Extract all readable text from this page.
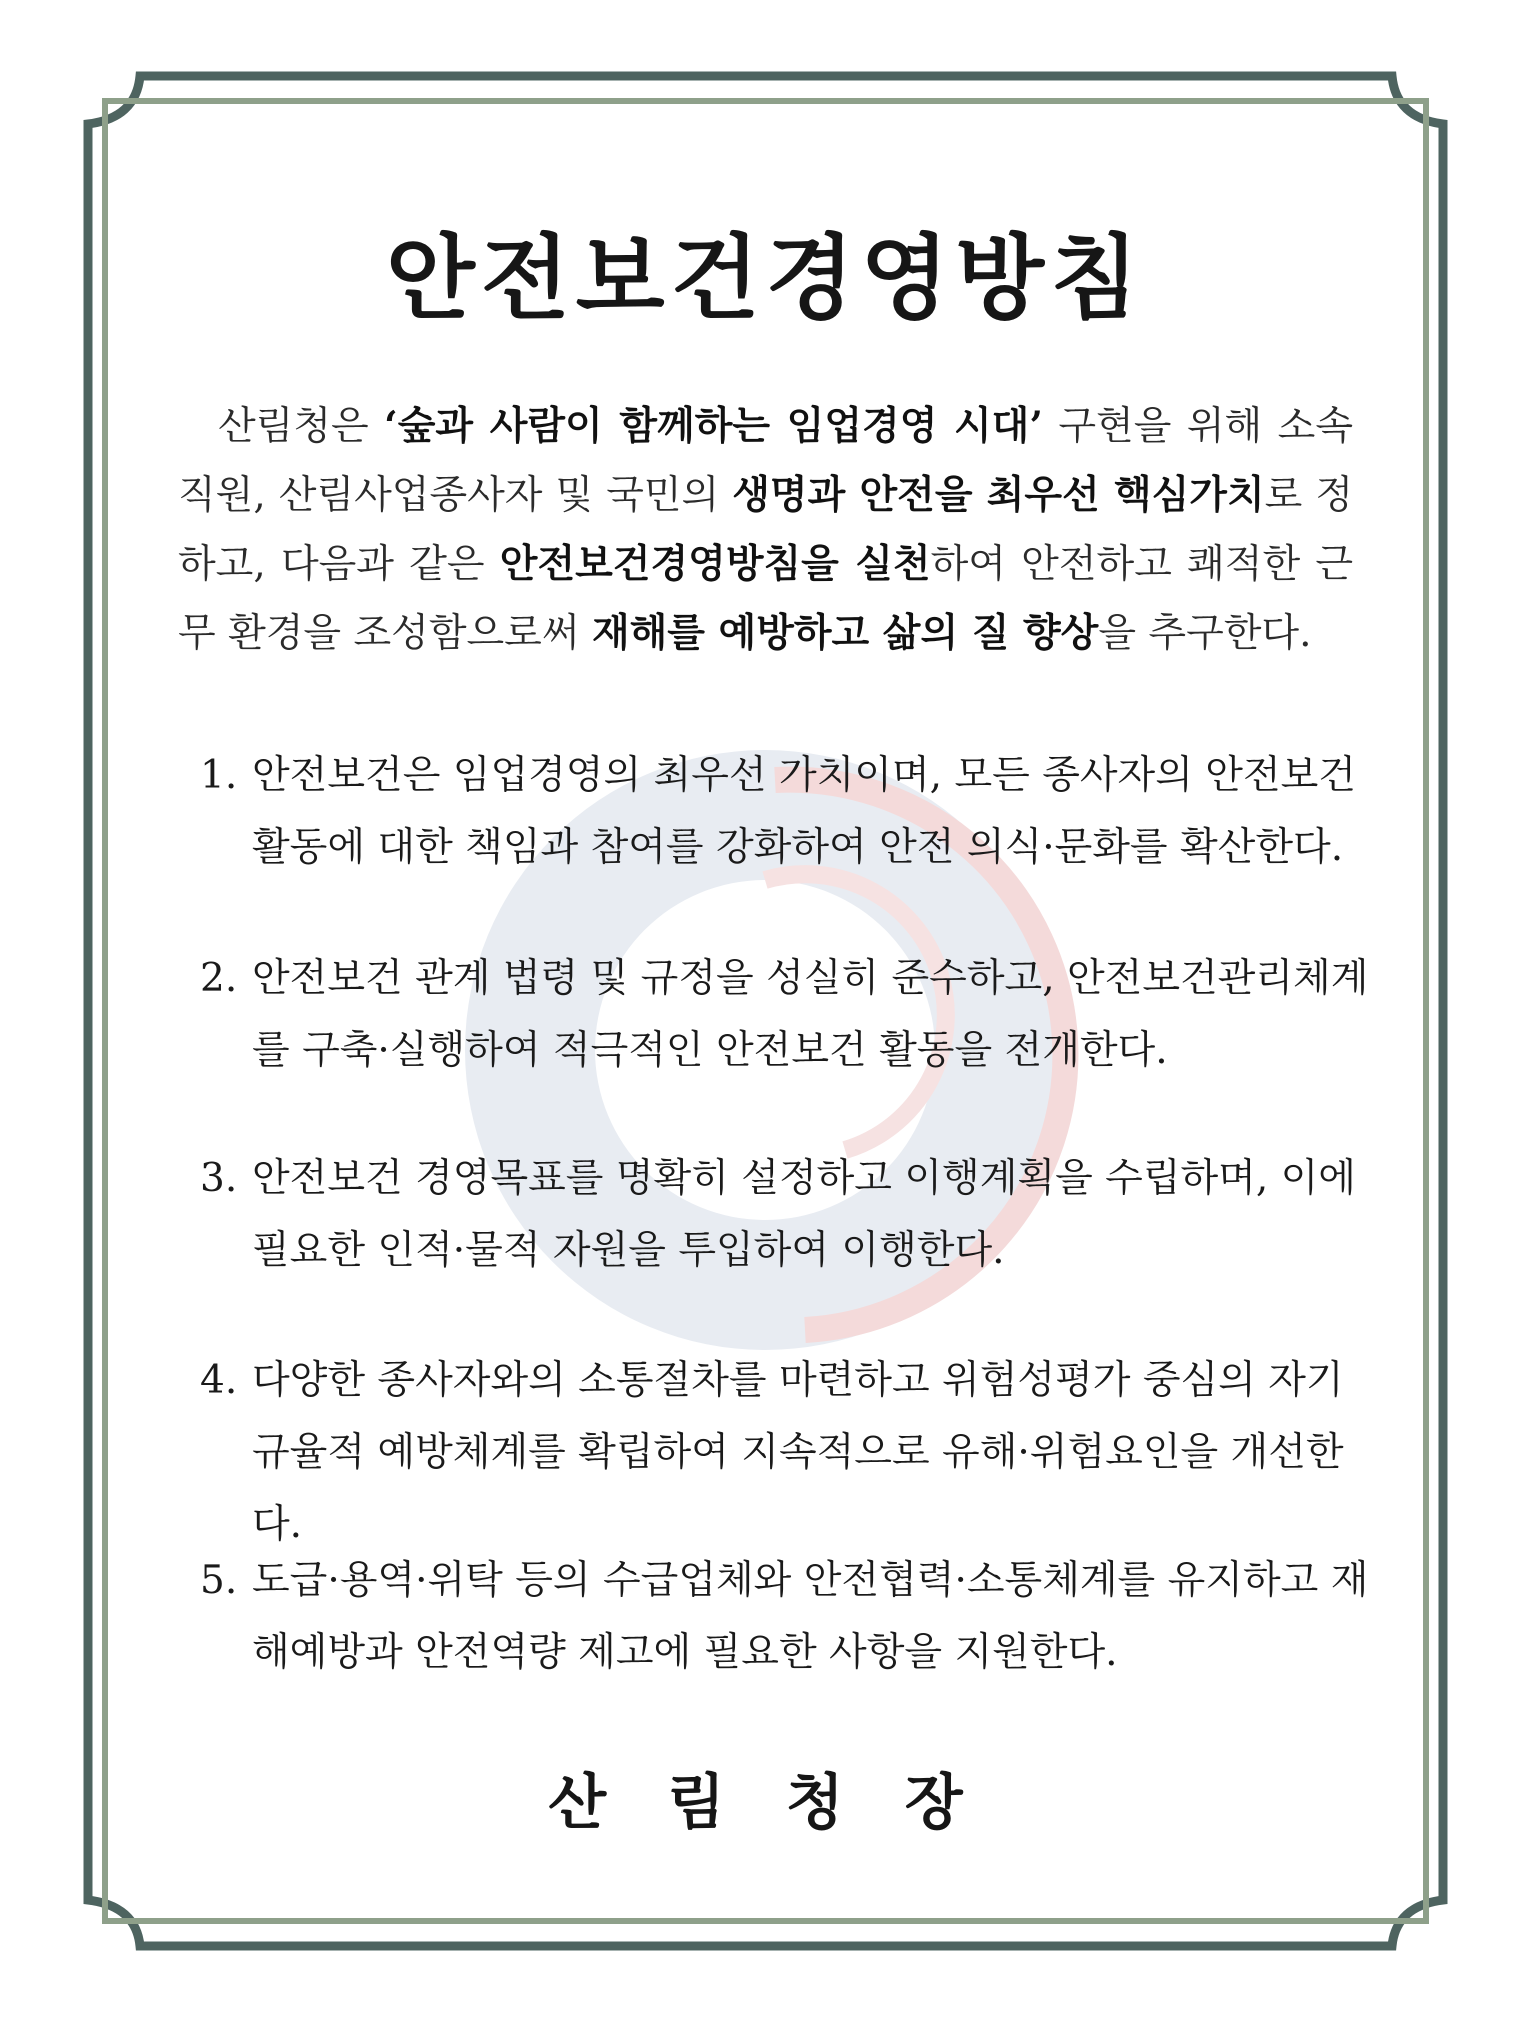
안전보건경영방침
산림청은 ‘숲과 사람이 함께하는 임업경영 시대’ 구현을 위해 소속 직원, 산림사업종사자 및 국민의 생명과 안전을 최우선 핵심가치로 정하고, 다음과 같은 안전보건경영방침을 실천하여 안전하고 쾌적한 근무 환경을 조성함으로써 재해를 예방하고 삶의 질 향상을 추구한다.
1. 안전보건은 임업경영의 최우선 가치이며, 모든 종사자의 안전보건 활동에 대한 책임과 참여를 강화하여 안전 의식·문화를 확산한다.
2. 안전보건 관계 법령 및 규정을 성실히 준수하고, 안전보건관리체계를 구축·실행하여 적극적인 안전보건 활동을 전개한다.
3. 안전보건 경영목표를 명확히 설정하고 이행계획을 수립하며, 이에 필요한 인적·물적 자원을 투입하여 이행한다.
4. 다양한 종사자와의 소통절차를 마련하고 위험성평가 중심의 자기 규율적 예방체계를 확립하여 지속적으로 유해·위험요인을 개선한다.
5. 도급·용역·위탁 등의 수급업체와 안전협력·소통체계를 유지하고 재해예방과 안전역량 제고에 필요한 사항을 지원한다.
산 림 청 장
